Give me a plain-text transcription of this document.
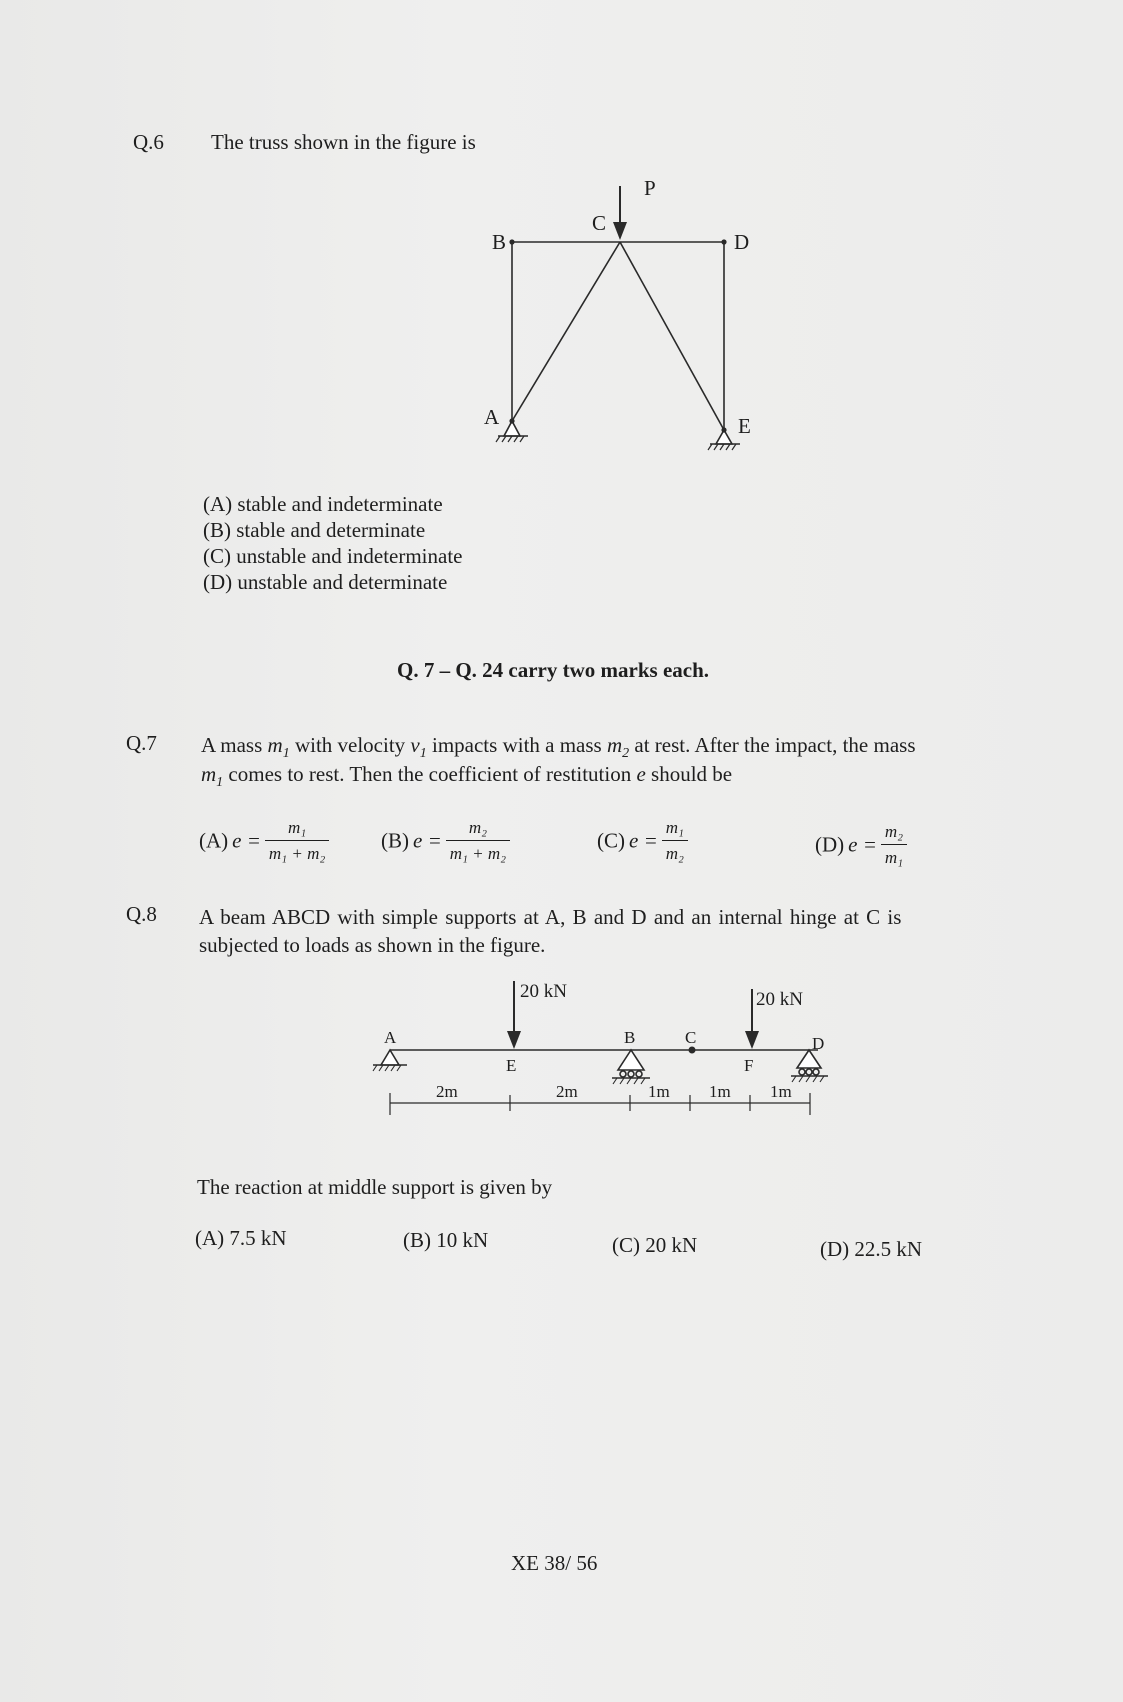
Q.6 The truss shown in the figure is
P
B
C
D
A	E
(A) stable and indeterminate
(B) stable and determinate
(C) unstable and indeterminate
(D) unstable and determinate
Q. 7 – Q. 24 carry two marks each.
Q.7 A mass $m_1$ with velocity $v_1$ impacts with a mass $m_2$ at rest. After the impact, the mass
$m_1$ comes to rest. Then the coefficient of restitution e should be
(A) $e = \frac{\text{m₁}}{\text{m₁ + m₂}} (B) e = \frac{\text{m₂}}{\text{m₁ + m₂}}$	(C) $e = \frac{\text{m₁}}{\text{m₂}}$	(D) $e = \frac{\text{m₂}}{\text{m₁}}$
Q.8 A beam ABCD with simple supports at A, B and D and an internal hinge at C is
subjected to loads as shown in the figure.
20 kN	20 kN
A	B	C	D
E	F
2m	2m	1m 1m 1m
The reaction at middle support is given by
(A) 7.5 kN	(B) 10 kN	(C) 20 kN	(D) 22.5 kN
XE 38/ 56
